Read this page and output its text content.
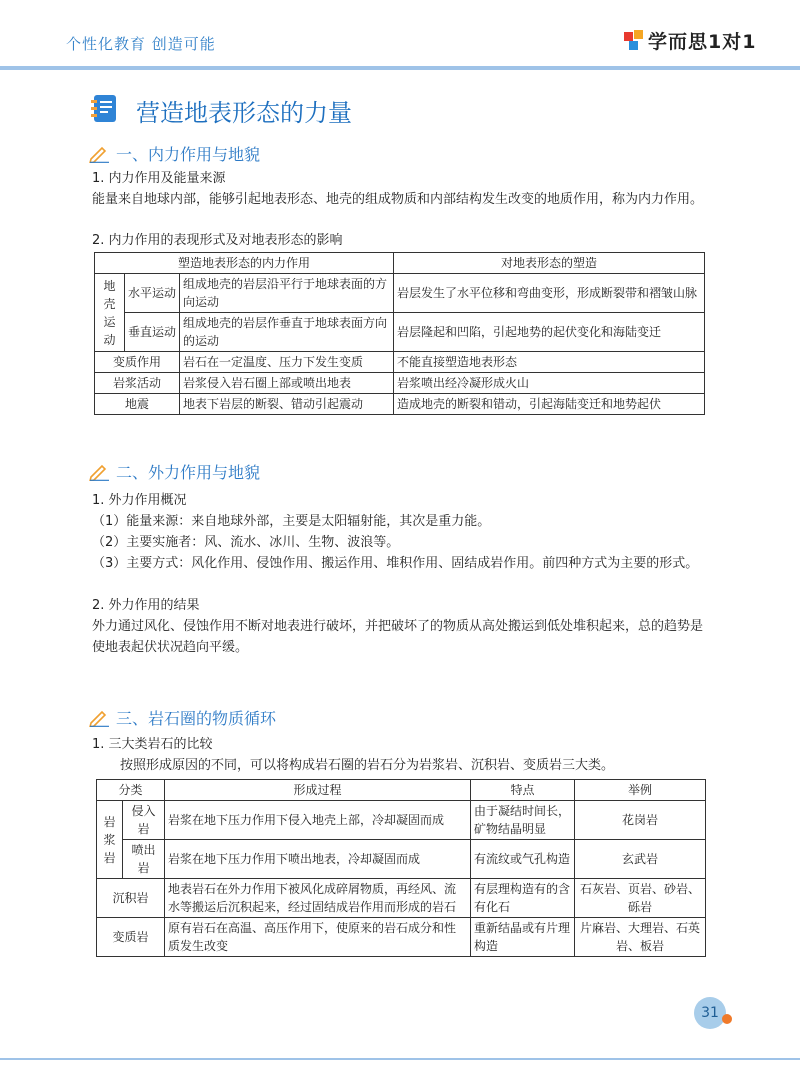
个性化教育 创造可能	学而思1对1
营造地表形态的力量
一、内力作用与地貌
1. 内力作用及能量来源
能量来自地球内部，能够引起地表形态、地壳的组成物质和内部结构发生改变的地质作用，称为内力作用。
2. 内力作用的表现形式及对地表形态的影响
塑造地表形态的内力作用			对地表形态的塑造
地壳运动	水平运动	组成地壳的岩层沿平行于地球表面的方向运动	岩层发生了水平位移和弯曲变形，形成断裂带和褶皱山脉
	垂直运动	组成地壳的岩层作垂直于地球表面方向的运动	岩层隆起和凹陷，引起地势的起伏变化和海陆变迁
变质作用		岩石在一定温度、压力下发生变质	不能直接塑造地表形态
岩浆活动		岩浆侵入岩石圈上部或喷出地表	岩浆喷出经冷凝形成火山
地震		地表下岩层的断裂、错动引起震动	造成地壳的断裂和错动，引起海陆变迁和地势起伏
二、外力作用与地貌
1. 外力作用概况
（1）能量来源：来自地球外部，主要是太阳辐射能，其次是重力能。
（2）主要实施者：风、流水、冰川、生物、波浪等。
（3）主要方式：风化作用、侵蚀作用、搬运作用、堆积作用、固结成岩作用。前四种方式为主要的形式。
2. 外力作用的结果
外力通过风化、侵蚀作用不断对地表进行破坏，并把破坏了的物质从高处搬运到低处堆积起来，总的趋势是使地表起伏状况趋向平缓。
三、岩石圈的物质循环
1. 三大类岩石的比较
按照形成原因的不同，可以将构成岩石圈的岩石分为岩浆岩、沉积岩、变质岩三大类。
分类		形成过程	特点	举例
岩浆岩	侵入岩	岩浆在地下压力作用下侵入地壳上部，冷却凝固而成	由于凝结时间长，矿物结晶明显	花岗岩
	喷出岩	岩浆在地下压力作用下喷出地表，冷却凝固而成	有流纹或气孔构造	玄武岩
沉积岩		地表岩石在外力作用下被风化成碎屑物质，再经风、流水等搬运后沉积起来，经过固结成岩作用而形成的岩石	有层理构造有的含有化石	石灰岩、页岩、砂岩、砾岩
变质岩		原有岩石在高温、高压作用下，使原来的岩石成分和性质发生改变	重新结晶或有片理构造	片麻岩、大理岩、石英岩、板岩
31
